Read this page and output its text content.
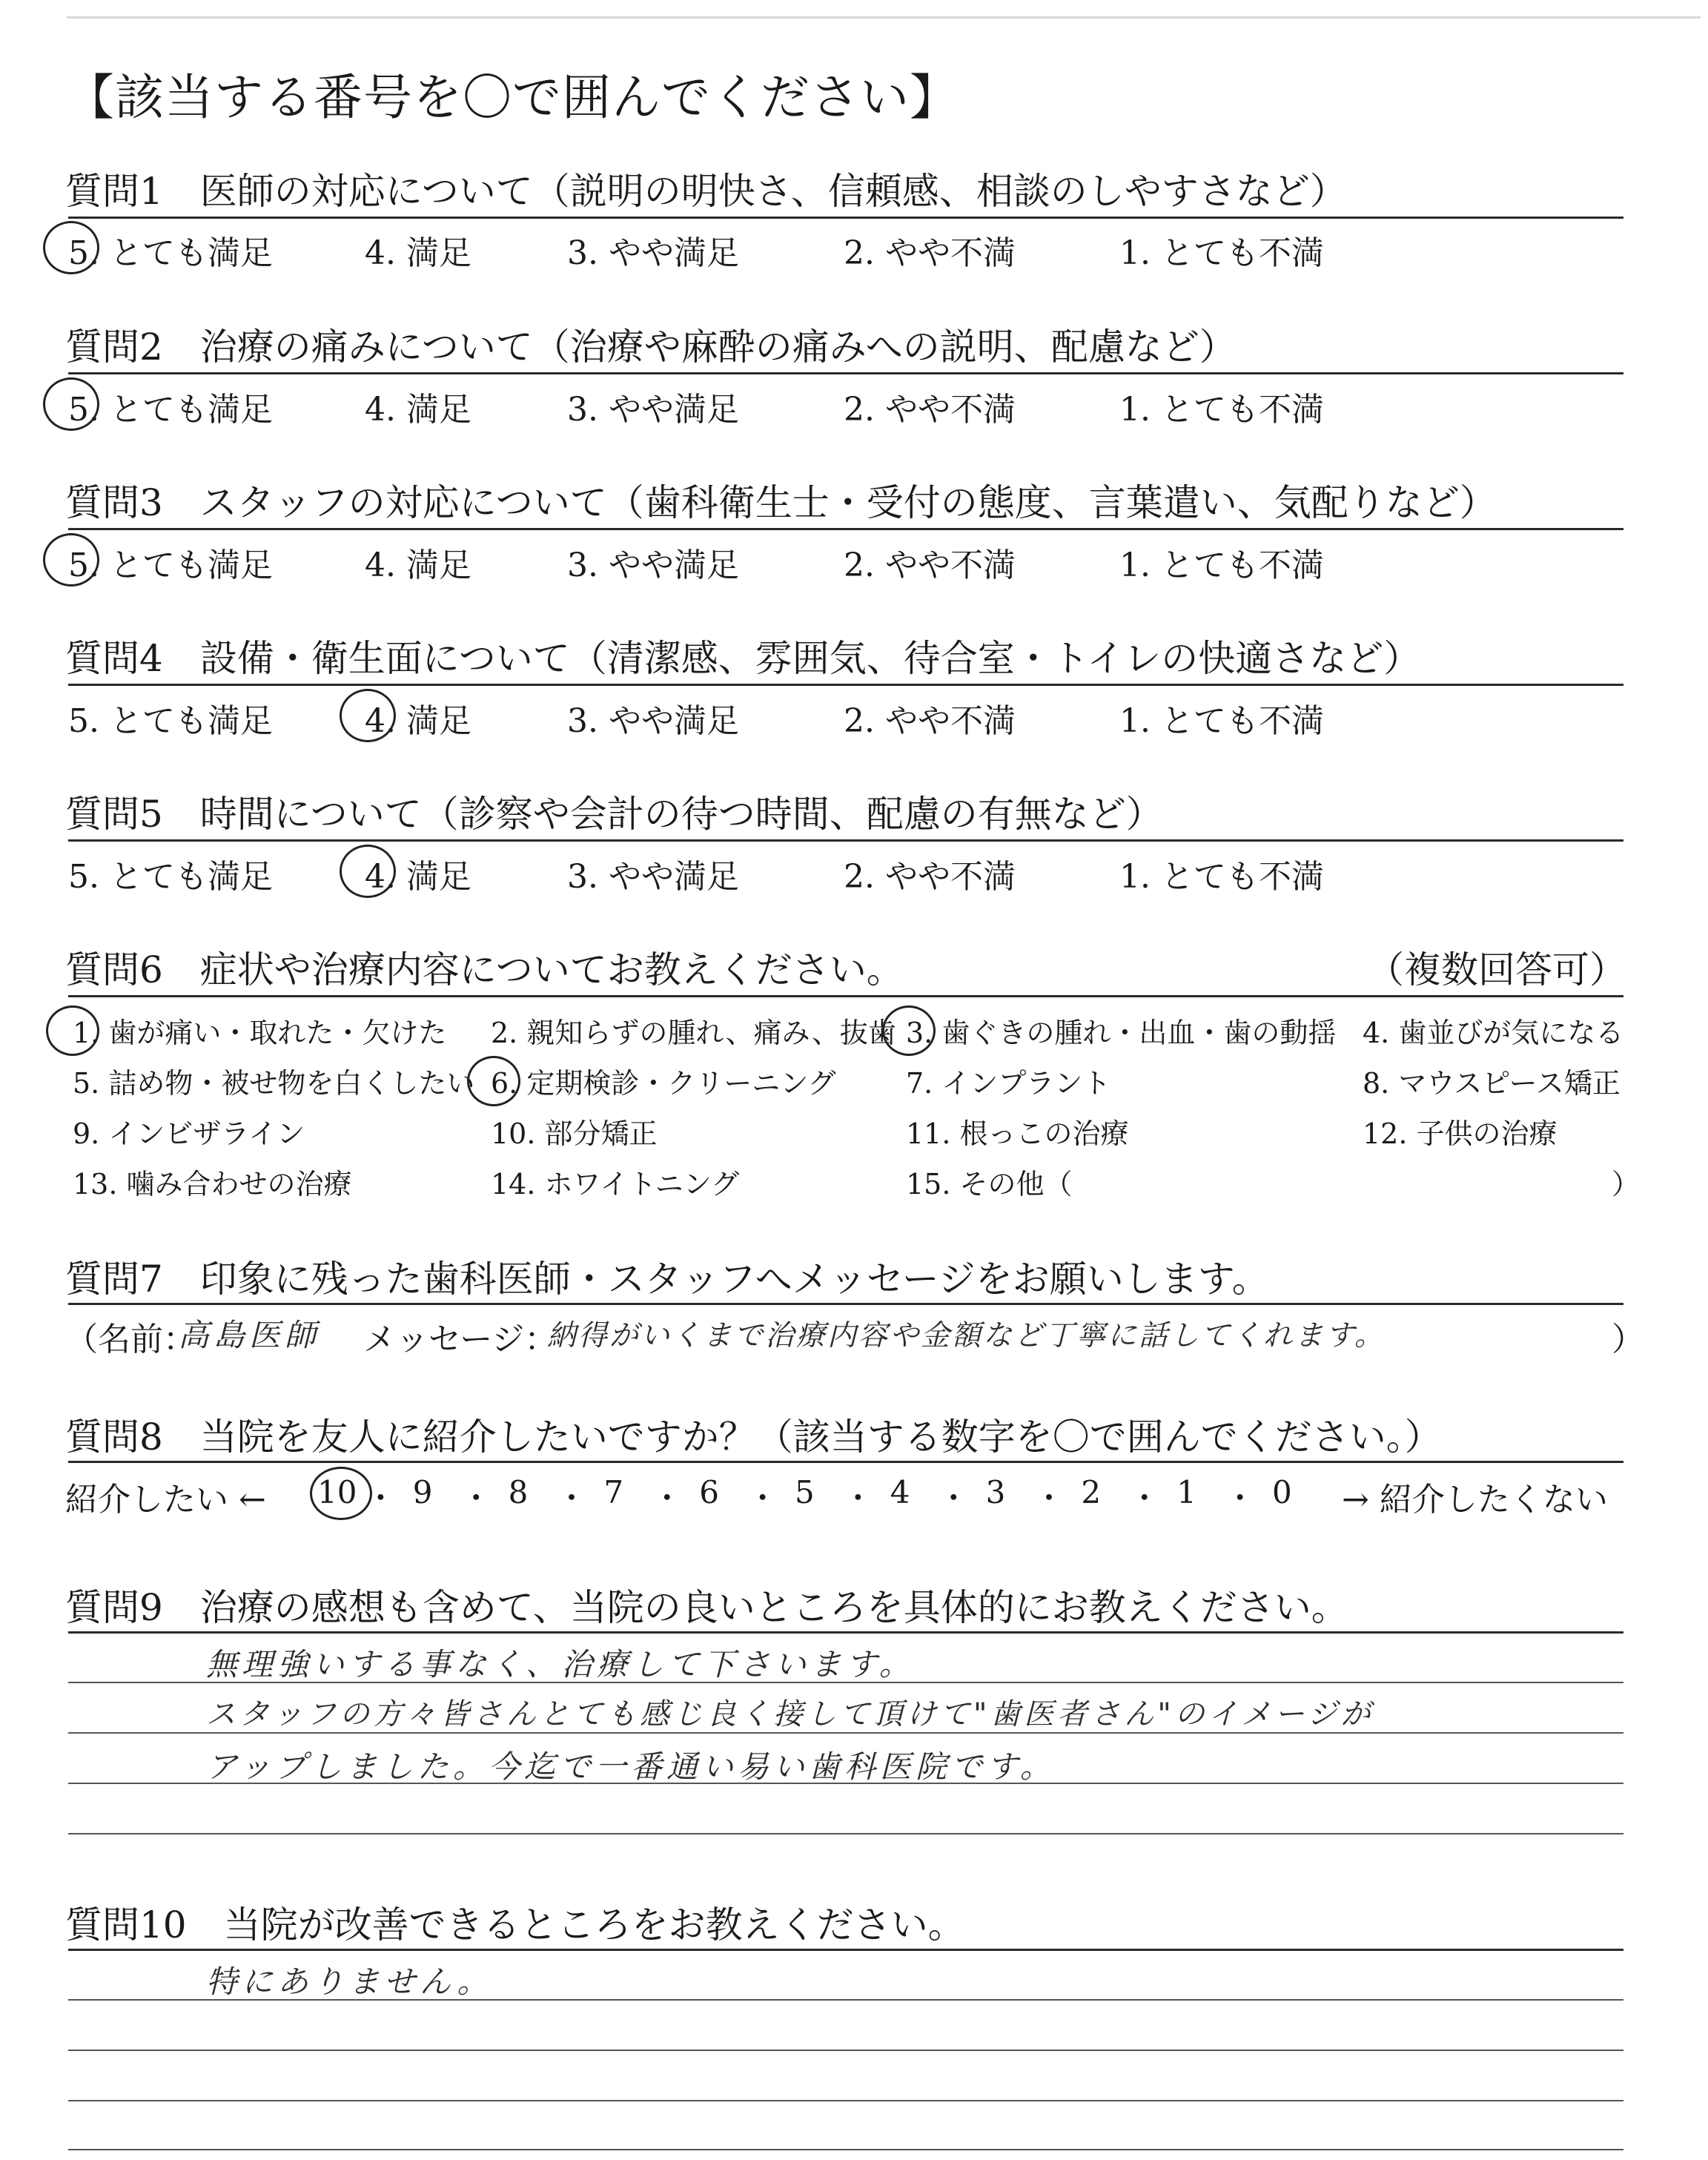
【該当する番号を〇で囲んでください】
質問1　医師の対応について（説明の明快さ、信頼感、相談のしやすさなど）
5. とても満足	4. 満足	3. やや満足	2. やや不満	1. とても不満
質問2　治療の痛みについて（治療や麻酔の痛みへの説明、配慮など）
5. とても満足	4. 満足	3. やや満足	2. やや不満	1. とても不満
質問3　スタッフの対応について（歯科衛生士・受付の態度、言葉遣い、気配りなど）
5. とても満足	4. 満足	3. やや満足	2. やや不満	1. とても不満
質問4　設備・衛生面について（清潔感、雰囲気、待合室・トイレの快適さなど）
5. とても満足	4. 満足	3. やや満足	2. やや不満	1. とても不満
質問5　時間について（診察や会計の待つ時間、配慮の有無など）
5. とても満足	4. 満足	3. やや満足	2. やや不満	1. とても不満
質問6　症状や治療内容についてお教えください。	（複数回答可）
1. 歯が痛い・取れた・欠けた 2. 親知らずの腫れ、痛み、抜歯 3. 歯ぐきの腫れ・出血・歯の動揺 4. 歯並びが気になる
5. 詰め物・被せ物を白くしたい 6. 定期検診・クリーニング 7. インプラント	8. マウスピース矯正
9. インビザライン	10. 部分矯正	11. 根っこの治療	12. 子供の治療
13. 噛み合わせの治療	14. ホワイトニング	15. その他（	）
質問7　印象に残った歯科医師・スタッフへメッセージをお願いします。
（名前：
高島医師 メッセージ：
納得がいくまで治療内容や金額など丁寧に話してくれます。	）
質問8　当院を友人に紹介したいですか？（該当する数字を〇で囲んでください。）
紹介したい ←	→ 紹介したくない
10 ・ 9 ・ 8 ・ 7 ・ 6 ・ 5 ・ 4 ・ 3 ・ 2 ・ 1 ・ 0
質問9　治療の感想も含めて、当院の良いところを具体的にお教えください。
無理強いする事なく、治療して下さいます。
スタッフの方々皆さんとても感じ良く接して頂けて"歯医者さん"のイメージが
アップしました。今迄で一番通い易い歯科医院です。
質問10　当院が改善できるところをお教えください。
特にありません。
